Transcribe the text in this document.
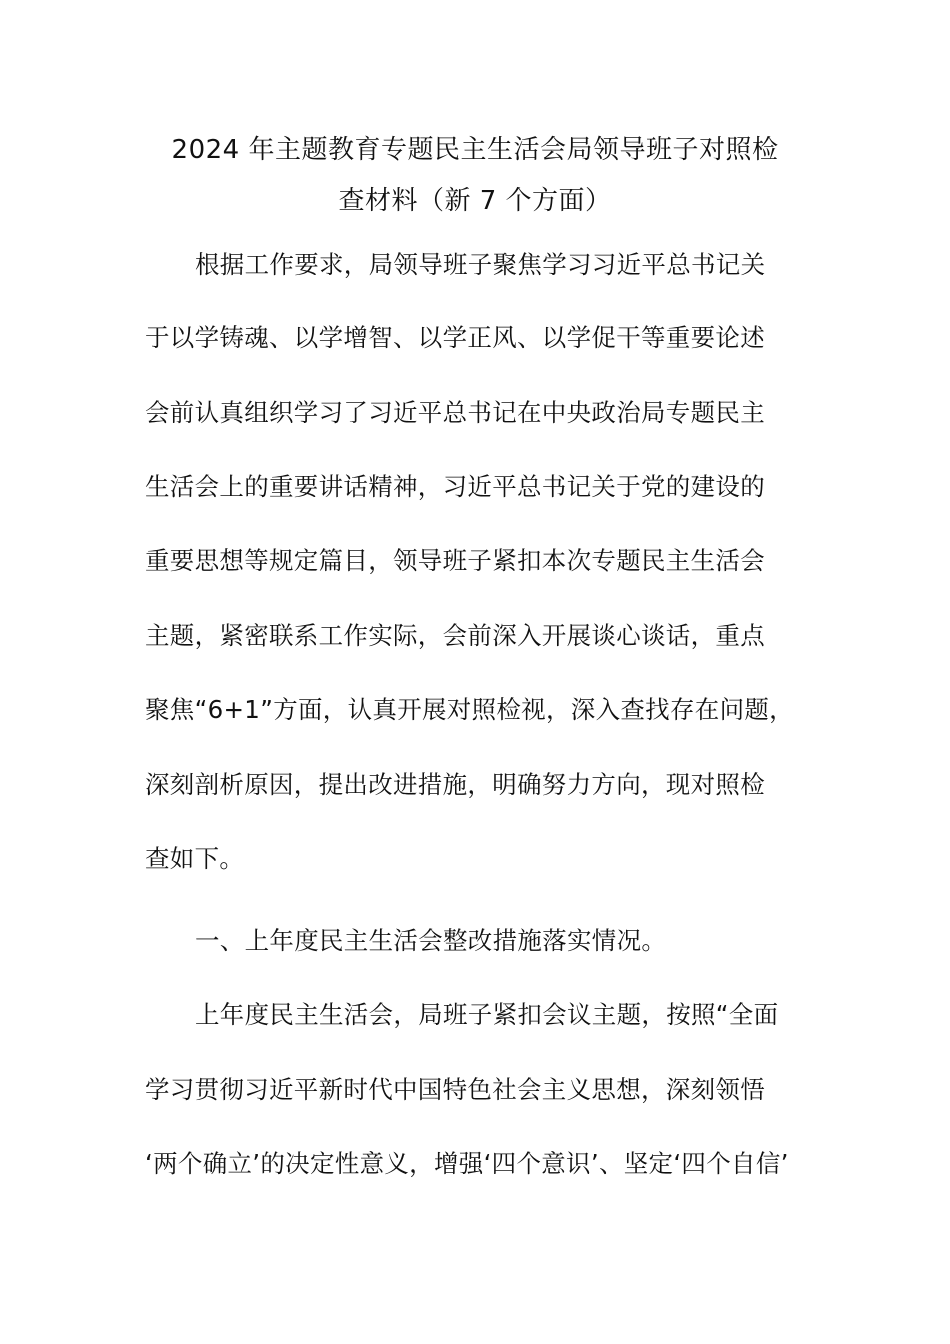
2024 年主题教育专题民主生活会局领导班子对照检
查材料（新 7 个方面）
根据工作要求，局领导班子聚焦学习习近平总书记关
于以学铸魂、以学增智、以学正风、以学促干等重要论述
会前认真组织学习了习近平总书记在中央政治局专题民主
生活会上的重要讲话精神，习近平总书记关于党的建设的
重要思想等规定篇目，领导班子紧扣本次专题民主生活会
主题，紧密联系工作实际，会前深入开展谈心谈话，重点
聚焦“6+1”方面，认真开展对照检视，深入查找存在问题，
深刻剖析原因，提出改进措施，明确努力方向，现对照检
查如下。
一、上年度民主生活会整改措施落实情况。
上年度民主生活会，局班子紧扣会议主题，按照“全面
学习贯彻习近平新时代中国特色社会主义思想，深刻领悟
‘两个确立’的决定性意义，增强‘四个意识’、坚定‘四个自信’
